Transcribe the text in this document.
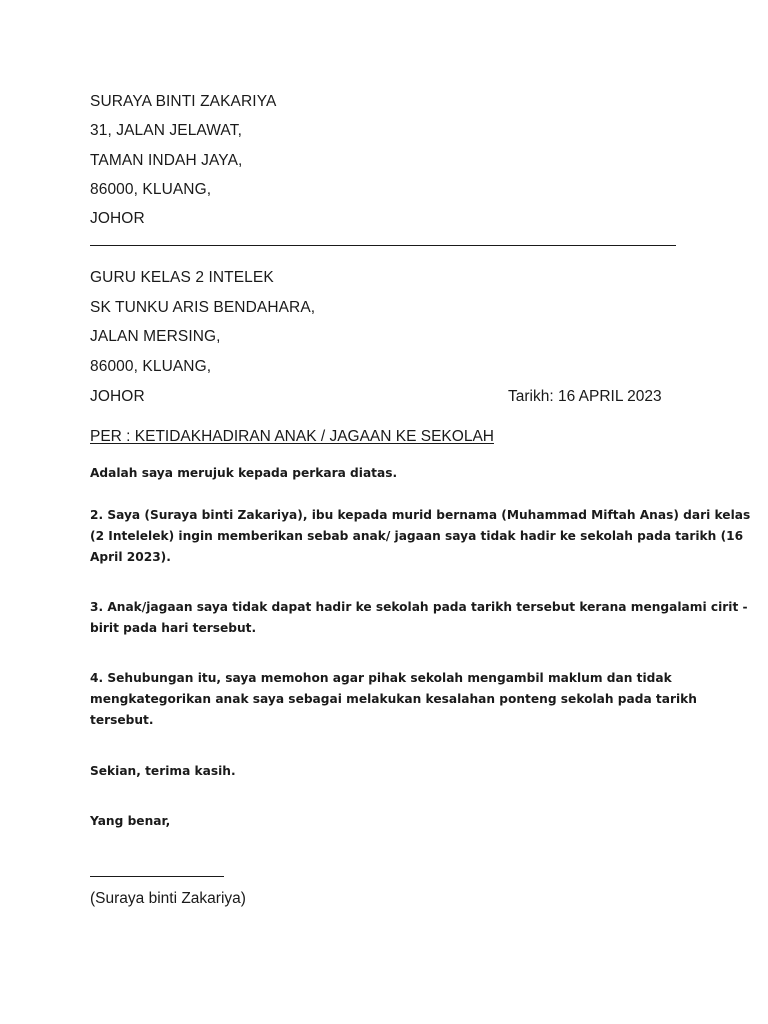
SURAYA BINTI ZAKARIYA
31, JALAN JELAWAT,
TAMAN INDAH JAYA,
86000, KLUANG,
JOHOR
GURU KELAS 2 INTELEK
SK TUNKU ARIS BENDAHARA,
JALAN MERSING,
86000, KLUANG,
JOHOR	Tarikh: 16 APRIL 2023
PER : KETIDAKHADIRAN ANAK / JAGAAN KE SEKOLAH

Adalah saya merujuk kepada perkara diatas.

2. Saya (Suraya binti Zakariya), ibu kepada murid bernama (Muhammad Miftah Anas) dari kelas
(2 Intelelek) ingin memberikan sebab anak/ jagaan saya tidak hadir ke sekolah pada tarikh (16
April 2023).

3. Anak/jagaan saya tidak dapat hadir ke sekolah pada tarikh tersebut kerana mengalami cirit -
birit pada hari tersebut.

4. Sehubungan itu, saya memohon agar pihak sekolah mengambil maklum dan tidak
mengkategorikan anak saya sebagai melakukan kesalahan ponteng sekolah pada tarikh
tersebut.

Sekian, terima kasih.

Yang benar,

(Suraya binti Zakariya)
